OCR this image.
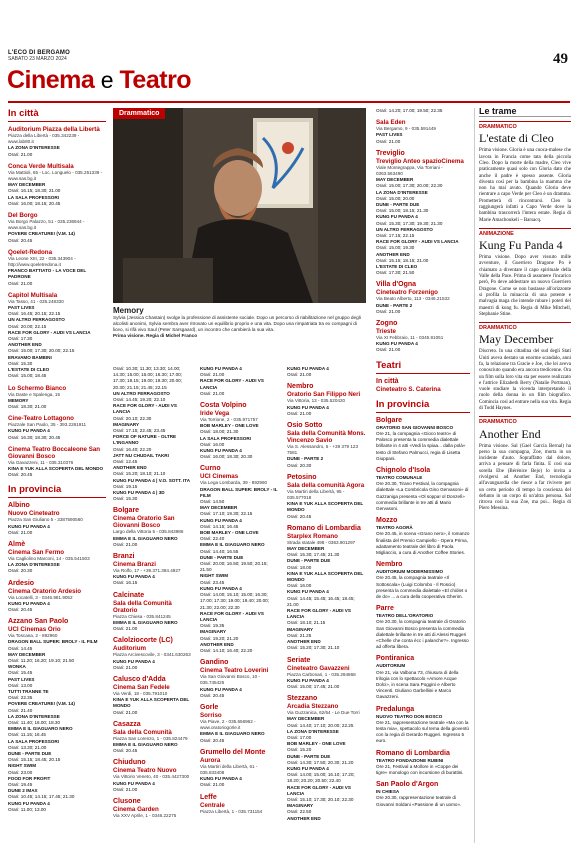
L'ECO DI BERGAMO
SABATO 23 MARZO 2024	49
Cinema e Teatro
In città
Auditorium Piazza della Libertà
Piazza della Libertà - 035.342239 - www.lab80.it
LA ZONA D'INTERESSE
Orari: 21.00
Conca Verde Multisala
Via Mattioli, 65 - Loc. Longuelo - 035.251339 - www.sas.bg.it
MAY DECEMBER
Orari: 16.15; 18.30; 21.00
LA SALA PROFESSORI
Orari: 16.00; 18.15; 20.45
Del Borgo
Via Borgo Palazzo, 51 - 035.236944 - www.sas.bg.it
POVERE CREATURE! (V.M. 14)
Orari: 20.45
Qoelet-Redona
Via Leone XIII, 22 - 035.343904 - http://www.qoeletredona.it
FRANCO BATTIATO - LA VOCE DEL PADRONE
Orari: 21.00
Capitol Multisala
Via Tasso, 41 - 035.248330
PAST LIVES
Orari: 16.45; 20.15; 22.15
UN ALTRO FERRAGOSTO
Orari: 20.00; 22.15
RACE FOR GLORY - AUDI VS LANCIA
Orari: 17.30
ANOTHER END
Orari: 15.00; 17.30; 20.00; 22.15
ERAVAMO BAMBINI
Orari: 15.30
L'ESTATE DI CLEO
Orari: 15.00; 18.45
Lo Schermo Bianco
Via Daste e Spalenga, 15
MEMORY
Orari: 18.30; 21.00
Cine-Teatro Lottagono
Piazzale San Paolo, 35 - 393.2261911
KUNG FU PANDA 4
Orari: 16.30; 18.30; 20.45
Cinema Teatro Boccaleone San Giovanni Bosco
Via Gavazzeni, 11 - 035.310376
KINA E YUK ALLA SCOPERTA DEL MONDO
Orari: 20.45
In provincia
Albino
Nuovo Cineteatro
Piazza San Giuliano 5 - 3387590560
KUNG FU PANDA 4
Orari: 21.00
Almè
Cinema San Fermo
Via Cagliolino Marconi, 14 - 035.541503
LA ZONA D'INTERESSE
Orari: 20.30
Ardesio
Cinema Oratorio Ardesio
Via Locatelli, 3 - 0346.981.9052
KUNG FU PANDA 4
Orari: 20.45
Azzano San Paolo
UCI Cinemas Orio
Via Toscana, 2 - 892960
DRAGON BALL SUPER: BROLY - IL FILM
Orari: 14.45
MAY DECEMBER
Orari: 11.20; 16.20; 19.10; 21.50
WONKA
Orari: 15.45
PAST LIVES
Orari: 13.00
TUTTI TRANNE TE
Orari: 22.35
POVERE CREATURE! (V.M. 14)
Orari: 21.40
LA ZONA D'INTERESSE
Orari: 11.40; 16.00; 18.30
EMMA E IL GIAGUARO NERO
Orari: 11.15; 16.45
LA SALA PROFESSORI
Orari: 13.30; 21.00
DUNE - PARTE DUE
Orari: 15.15; 18.45; 20.15
NIGHT SWIM
Orari: 23.00
FOOD FOR PROFIT
Orari: 19.45
DUNE 2 IMAX
Orari: 10.45; 14.15; 17.45; 21.30
KUNG FU PANDA 4
Orari: 11.00; 13.00
Drammatico
Memory
Sylvia (Jessica Chastain) svolge la professione di assistente sociale. Dopo un percorso di riabilitazione nel gruppo degli alcolisti anonimi, Sylvia sembra aver ritrovato un equilibrio proprio e una vita. Dopo una rimpatriata tra ex compagni di liceo, si rifà vivo Saul (Peter Sarsgaard), un incontro che cambierà la sua vita.
Prima visione. Regia di Michel Franco
Orari: 10.30; 11.30; 13.30; 14.00; 14.30; 15.00; 16.00; 16.30; 17.00; 17.30; 18.15; 19.00; 19.30; 20.00; 20.30; 21.15; 21.45; 22.15
UN ALTRO FERRAGOSTO
Orari: 14.45; 19.20; 22.10
RACE FOR GLORY - AUDI VS LANCIA
Orari: 20.10; 22.30
IMAGINARY
Orari: 17.15; 22.45; 23.45
FORCE OF NATURE - OLTRE L'INGANNO
Orari: 16.40; 22.20
JATT NU CHUDAIL TAKRI
Orari: 12.45
ANOTHER END
Orari: 15.20; 18.10; 21.10
KUNG FU PANDA 4 | V.O. SOTT. ITA
Orari: 19.15
KUNG FU PANDA 4 | 3D
Orari: 15.30
Bolgare
Cinema Oratorio San Giovanni Bosco
Largo della Vittoria 5 - 035.843986
EMMA E IL GIAGUARO NERO
Orari: 21.00
Branzi
Cinema Branzi
Via Rolfo, 17 - +39.371.384.4927
KUNG FU PANDA 4
Orari: 16.15
Calcinate
Sala della Comunità Oratorio
Piazza Chiesa - 035.841245
EMMA E IL GIAGUARO NERO
Orari: 21.00
Calolziocorte (LC)
Auditorium
Piazza Arcivescovile, 3 - 0341.630263
KUNG FU PANDA 4
Orari: 21.00
Calusco d'Adda
Cinema San Fedele
Via Verdi, 18 - 035.791010
KINA E YUK ALLA SCOPERTA DEL MONDO
Orari: 21.00
Casazza
Sala della Comunità
Piazza San Lorenzo, 1 - 035.824479
EMMA E IL GIAGUARO NERO
Orari: 20.45
Chiuduno
Cinema Teatro Nuovo
Via Vittorio Veneto, 40 - 035.4427300
KUNG FU PANDA 4
Orari: 21.00
Clusone
Cinema Garden
Via XXV Aprile, 1 - 0346.22275
KUNG FU PANDA 4
Orari: 21.00
RACE FOR GLORY - AUDI VS LANCIA
Orari: 21.00
Costa Volpino
Iride Vega
Via Torrione, 2 - 035.971757
BOB MARLEY - ONE LOVE
Orari: 18.00; 21.30
LA SALA PROFESSORI
Orari: 16.00
KUNG FU PANDA 4
Orari: 16.00; 18.30; 20.30
Curno
UCI Cinemas
Via Lega Lombarda, 39 - 892960
DRAGON BALL SUPER: BROLY - IL FILM
Orari: 14.50
MAY DECEMBER
Orari: 17.10; 19.30; 22.15
KUNG FU PANDA 4
Orari: 14.15; 16.45
BOB MARLEY - ONE LOVE
Orari: 22.40
EMMA E IL GIAGUARO NERO
Orari: 14.40; 16.55
DUNE - PARTE DUE
Orari: 20.00; 16.50; 19.50; 20.15; 21.50
NIGHT SWIM
Orari: 23.45
KUNG FU PANDA 4
Orari: 14.00; 15.10; 15.00; 16.30; 17.00; 17.30; 19.00; 19.40; 20.00; 21.30; 22.00; 22.30
RACE FOR GLORY - AUDI VS LANCIA
Orari: 19.35
IMAGINARY
Orari: 19.20; 21.20
ANOTHER END
Orari: 14.10; 16.40; 22.20
Gandino
Cinema Teatro Loverini
Via San Giovanni Bosco, 10 - 035.745425
KUNG FU PANDA 4
Orari: 20.45
Gorle
Sorriso
Via Piave, 2 - 035.656962 - www.oratoriogorle.it
EMMA E IL GIAGUARO NERO
Orari: 20.45
Grumello del Monte
Aurora
Via Martiri della Libertà, 61 - 035.833408
KUNG FU PANDA 4
Orari: 21.00
Leffe
Centrale
Piazza Libertà, 1 - 035.731154
KUNG FU PANDA 4
Orari: 21.00
Nembro
Oratorio San Filippo Neri
Via Vittoria, 13 - 035.520420
KUNG FU PANDA 4
Orari: 21.00
Osio Sotto
Sala della Comunità Mons. Vincenzo Savio
Via S. Alessandro, 5 - +39 379 123 7581
DUNE - PARTE 2
Orari: 20.30
Petosino
Sala della comunità Agora
Via Martiri della Libertà, 95 - 035.577018
KINA E YUK ALLA SCOPERTA DEL MONDO
Orari: 20.45
Romano di Lombardia
Starplex Romano
Strada statale 498 - 0363.901297
MAY DECEMBER
Orari: 15.30; 17.45; 21.30
DUNE - PARTE DUE
Orari: 18.00
KINA E YUK ALLA SCOPERTA DEL MONDO
Orari: 16.00
KUNG FU PANDA 4
Orari: 14.45; 15.45; 16.45; 18.45; 21.00
RACE FOR GLORY - AUDI VS LANCIA
Orari: 18.10; 21.15
IMAGINARY
Orari: 21.25
ANOTHER END
Orari: 15.20; 17.30; 21.10
Seriate
Cineteatro Gavazzeni
Piazza Carbonari, 1 - 035.294868
KUNG FU PANDA 4
Orari: 15.00; 17.45; 21.00
Stezzano
Arcadia Stezzano
Via Guzzanica, 62/64 - Le Due Torri
MAY DECEMBER
Orari: 14.40; 17.10; 20.00; 22.25
LA ZONA D'INTERESSE
Orari: 17.00
BOB MARLEY - ONE LOVE
Orari: 15.20
DUNE - PARTE DUE
Orari: 14.30; 17.50; 20.30; 21.20
KUNG FU PANDA 4
Orari: 14.00; 15.00; 16.10; 17.20; 18.20; 20.20; 20.50; 22.40
RACE FOR GLORY - AUDI VS LANCIA
Orari: 15.10; 17.30; 20.10; 22.30
IMAGINARY
Orari: 22.50
ANOTHER END
Orari: 14.20; 17.00; 19.50; 22.35
Sala Eden
Via Bergamo, 9 - 035.591449
PAST LIVES
Orari: 21.00
Treviglio
Treviglio Anteo spazioCinema
Viale Montegrappa, Via Torriani - 0363.563490
MAY DECEMBER
Orari: 15.00; 17.30; 20.00; 22.30
LA ZONA D'INTERESSE
Orari: 15.00; 20.00
DUNE - PARTE DUE
Orari: 15.00; 18.15; 21.30
KUNG FU PANDA 4
Orari: 15.30; 17.30; 19.30; 21.30
UN ALTRO FERRAGOSTO
Orari: 17.15; 22.15
RACE FOR GLORY - AUDI VS LANCIA
Orari: 15.00; 19.30
ANOTHER END
Orari: 15.15; 18.15; 21.00
L'ESTATE DI CLEO
Orari: 17.30; 21.50
Villa d'Ogna
Cineteatro Forzenigo
Via Beato Alberto, 113 - 0346.21532
DUNE - PARTE 2
Orari: 21.00
Zogno
Trieste
Via XI Febbraio, 11 - 0345.91051
KUNG FU PANDA 4
Orari: 21.00
Teatri
In città
Cineteatro S. Caterina
In provincia
Bolgare
ORATORIO SAN GIOVANNI BOSCO
Ore 21, la compagnia «Gioco teatro» di Palosco presenta la commedia dialettale brillante in 4 atti «Vedi la spiaa... dalla polà» testo di Stefano Palmucci, regia di Lisetta Giuppani.
Chignolo d'Isola
TEATRO COMUNALE
Ore 20.30, Tirano Festival, la compagnia dialettale «La Combricola Gino Gervasoni» di Gazzaniga presenta «Ol soppa! ol Donzelì» commedia brillante in tre atti di Mario Gervasoni.
Mozzo
TEATRO AGORÀ
Ore 20.45, in scena «Grano nero», il romanzo finalista del Premio Campiello - Opera Prima, adattamento teatrale del libro di Paola Migliaccio, a cura di Another Coffee Stories.
Nembro
AUDITORIUM MODERNISSIMO
Ore 20.45, la compagnia teatrale «Il Sottoscala» (Luigi Colombo - Il Roscio) presenta la commedia dialettale «El chiòlet o de do» ... a cura della cooperativa Gherim.
Parre
TEATRO DELL'ORATORIO
Ore 20.30, la compagnia teatrale di Oratorio San Giovanni Bosco presenta la commedia dialettale brillante in tre atti di Alessi Ruggeri «Chelle che conta ècc i palanche?». Ingresso ad offerta libera.
Pontiranica
AUDITORIUM
Ore 21, via Valbona 73, chiusura di della trilogia con lo spettacolo «Amore Acque Dolci», in scena Sara Poggini e Alberto Vincenti. Giuliano Garbelliini e Marco Gavazzeni.
Predalunga
NUOVO TEATRO DON BOSCO
Ore 21, rappresentazione teatrale «Ma con la testa mia», spettacolo sul tema della gioventù con la regia di Gerardo Ruggeri. Ingresso 5 euro.
Romano di Lombardia
TEATRO FONDAZIONE RUBINI
Ore 21, Festival a Mollore in «Coppe dei tigre» monologo con incursione di burattini.
San Paolo d'Argon
IN CHIESA
Ore 20.30, rappresentazione teatrale di Giovanni Soldani «Passione di un uomo».
Le trame
DRAMMATICO
L'estate di Cleo
Prima visione. Gloria è una cuoca-malese che lavora in Francia come tata della piccola Cleo. Dopo la morte della madre, Cleo vive praticamente quasi solo con Gloria dato che anche il padre è spesso assente. Gloria diventa così per la bambina la mamma che non ha mai avuto. Quando Gloria deve rientrare a capo Verde per Cleo è un dramma. Prometterà di rincontrarsi. Cleo la raggiungerà infatti a Capo Verde dove la bambina trascorrerà l'intera estate. Regia di Marie Amachoukeli – Barsacq.
ANIMAZIONE
Kung Fu Panda 4
Prima visione. Dopo aver vissuto mille avventure, il Guerriero Dragone Po è chiamato a diventare il capo spirituale della Valle della Pace. Prima di assumere l'incarico però, Po deve addestrare un nuovo Guerriero Dragone. Come se non bastasse all'orizzonte si profila la minaccia di una potente e malvagia maga che intende rubare i poteri dei maestri di kung fu. Regia di Mike Mitchell, Stephanie Stine.
DRAMMATICO
May December
Discreto. In una cittadina del sud degli Stati Uniti aveva destato un enorme scandalo, anni fa, la relazione tra Gracie e Joe, che lei aveva conosciuto quando era ancora tredicenne. Ora un film sulla loro vita sta per essere realizzato e l'attrice Elizabeth Berry (Natalie Portman), vuole studiare la vicenda interpretando il ruolo della donna in un film biografico. Comincia così ad entrare nella sua vita. Regia di Todd Haynes.
DRAMMATICO
Another End
Prima visione. Sal (Gael García Bernal) ha perso la sua compagna, Zoe, morta in un incidente d'auto. Sopraffatto dal dolore, arriva a pensare di farla finita. E così sua sorella Ebe (Bérénice Bejo) lo invita a rivolgersi ad Another End, tecnologia all'avanguardia che riesce a far rivivere per un certo periodo di tempo la coscienza del defunto in un corpo di un'altra persona. Sal ritrova così la sua Zoe, ma poi... Regia di Piero Messina.
